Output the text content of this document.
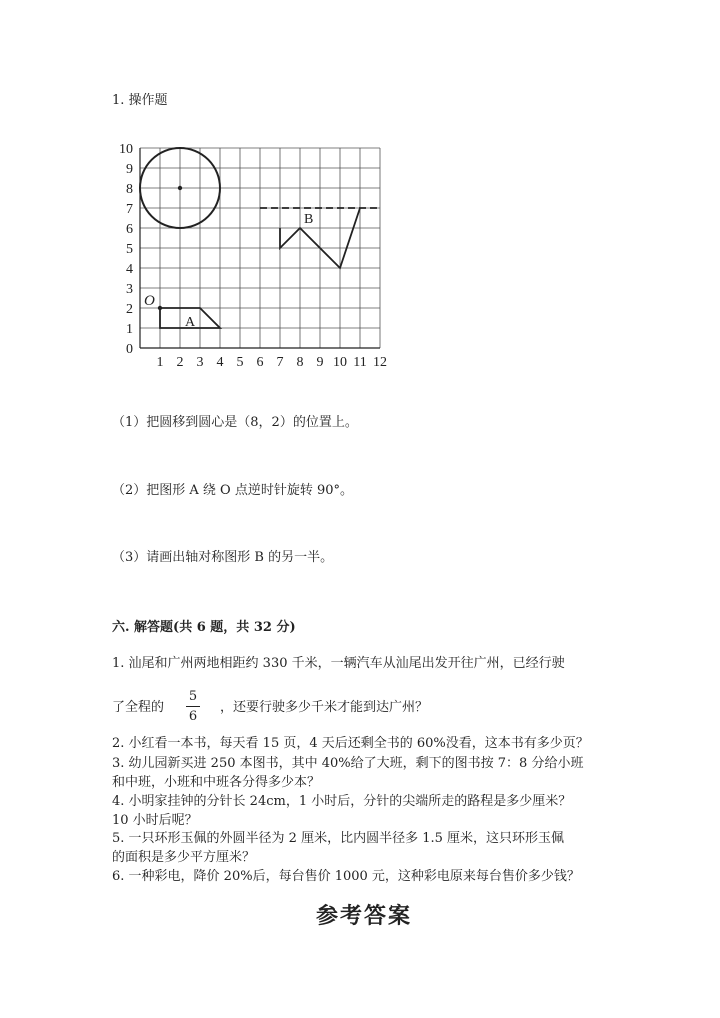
1. 操作题
1 2 3 4 5 6 7 8 9 10 11 12
0
1
2
3
4
5
6
7
8
9
10
O
A
B
（1）把圆移到圆心是（8，2）的位置上。
（2）把图形 A 绕 O 点逆时针旋转 90°。
（3）请画出轴对称图形 B 的另一半。
六. 解答题(共 6 题，共 32 分)
1. 汕尾和广州两地相距约 330 千米，一辆汽车从汕尾出发开往广州，已经行驶
了全程的 $\frac{5}{6}$ ，还要行驶多少千米才能到达广州？
2. 小红看一本书，每天看 15 页，4 天后还剩全书的 60%没看，这本书有多少页？
3. 幼儿园新买进 250 本图书，其中 40%给了大班，剩下的图书按 7：8 分给小班
和中班，小班和中班各分得多少本？
4. 小明家挂钟的分针长 24cm，1 小时后，分针的尖端所走的路程是多少厘米？
10 小时后呢？
5. 一只环形玉佩的外圆半径为 2 厘米，比内圆半径多 1.5 厘米，这只环形玉佩
的面积是多少平方厘米？
6. 一种彩电，降价 20%后，每台售价 1000 元，这种彩电原来每台售价多少钱？
参考答案
